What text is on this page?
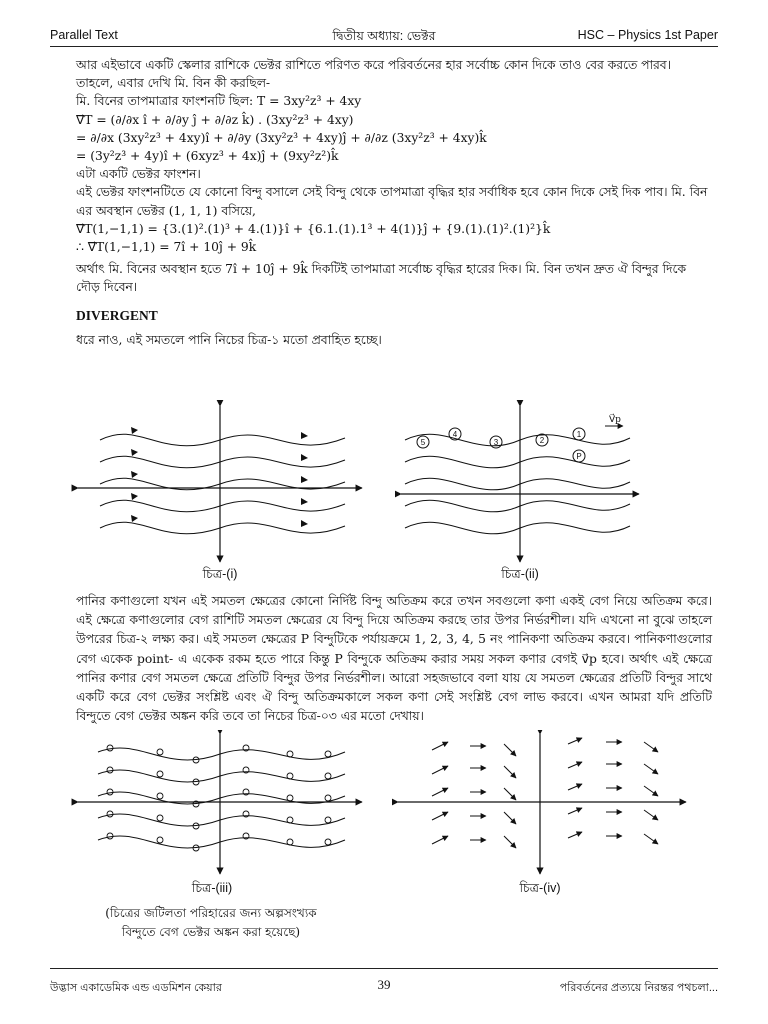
Parallel Text	দ্বিতীয় অধ্যায়: ভেক্টর	HSC – Physics 1st Paper

আর এইভাবে একটি স্কেলার রাশিকে ভেক্টর রাশিতে পরিণত করে পরিবর্তনের হার সর্বোচ্চ কোন দিকে তাও বের করতে পারব।

তাহলে, এবার দেখি মি. বিন কী করছিল-

মি. বিনের তাপমাত্রার ফাংশনটি ছিল: T = 3xy²z³ + 4xy

∇⃗T = (∂/∂x î + ∂/∂y ĵ + ∂/∂z k̂) . (3xy²z³ + 4xy)

= ∂/∂x (3xy²z³ + 4xy)î + ∂/∂y (3xy²z³ + 4xy)ĵ + ∂/∂z (3xy²z³ + 4xy)k̂

= (3y²z³ + 4y)î + (6xyz³ + 4x)ĵ + (9xy²z²)k̂

এটা একটি ভেক্টর ফাংশন।

এই ভেক্টর ফাংশনটিতে যে কোনো বিন্দু বসালে সেই বিন্দু থেকে তাপমাত্রা বৃদ্ধির হার সর্বাধিক হবে কোন দিকে সেই দিক পাব। মি. বিন এর অবস্থান ভেক্টর (1, 1, 1) বসিয়ে,

∇⃗T(1,−1,1) = {3.(1)².(1)³ + 4.(1)}î + {6.1.(1).1³ + 4(1)}ĵ + {9.(1).(1)².(1)²}k̂

∴ ∇⃗T(1,−1,1) = 7î + 10ĵ + 9k̂

অর্থাৎ মি. বিনের অবস্থান হতে 7î + 10ĵ + 9k̂ দিকটিই তাপমাত্রা সর্বোচ্চ বৃদ্ধির হারের দিক। মি. বিন তখন দ্রুত ঐ বিন্দুর দিকে দৌড় দিবেন।

DIVERGENT

ধরে নাও, এই সমতলে পানি নিচের চিত্র-১ মতো প্রবাহিত হচ্ছে।

চিত্র-(i)
5
4
3	2
1
P
V⃗p
চিত্র-(ii)

পানির কণাগুলো যখন এই সমতল ক্ষেত্রের কোনো নির্দিষ্ট বিন্দু অতিক্রম করে তখন সবগুলো কণা একই বেগ নিয়ে অতিক্রম করে। এই ক্ষেত্রে কণাগুলোর বেগ রাশিটি সমতল ক্ষেত্রের যে বিন্দু দিয়ে অতিক্রম করছে তার উপর নির্ভরশীল। যদি এখনো না বুঝে তাহলে উপরের চিত্র-২ লক্ষ্য কর। এই সমতল ক্ষেত্রের P বিন্দুটিকে পর্যায়ক্রমে 1, 2, 3, 4, 5 নং পানিকণা অতিক্রম করবে। পানিকণাগুলোর বেগ একেক point- এ একেক রকম হতে পারে কিন্তু P বিন্দুকে অতিক্রম করার সময় সকল কণার বেগই v⃗p হবে। অর্থাৎ এই ক্ষেত্রে পানির কণার বেগ সমতল ক্ষেত্রে প্রতিটি বিন্দুর উপর নির্ভরশীল। আরো সহজভাবে বলা যায় যে সমতল ক্ষেত্রের প্রতিটি বিন্দুর সাথে একটি করে বেগ ভেক্টর সংশ্লিষ্ট এবং ঐ বিন্দু অতিক্রমকালে সকল কণা সেই সংশ্লিষ্ট বেগ লাভ করবে। এখন আমরা যদি প্রতিটি বিন্দুতে বেগ ভেক্টর অঙ্কন করি তবে তা নিচের চিত্র-০৩ এর মতো দেখায়।

চিত্র-(iii)
(চিত্রের জটিলতা পরিহারের জন্য অল্পসংখ্যক বিন্দুতে বেগ ভেক্টর অঙ্কন করা হয়েছে)
চিত্র-(iv)
উদ্ভাস একাডেমিক এন্ড এডমিশন কেয়ার	39	পরিবর্তনের প্রত্যয়ে নিরন্তর পথচলা...
